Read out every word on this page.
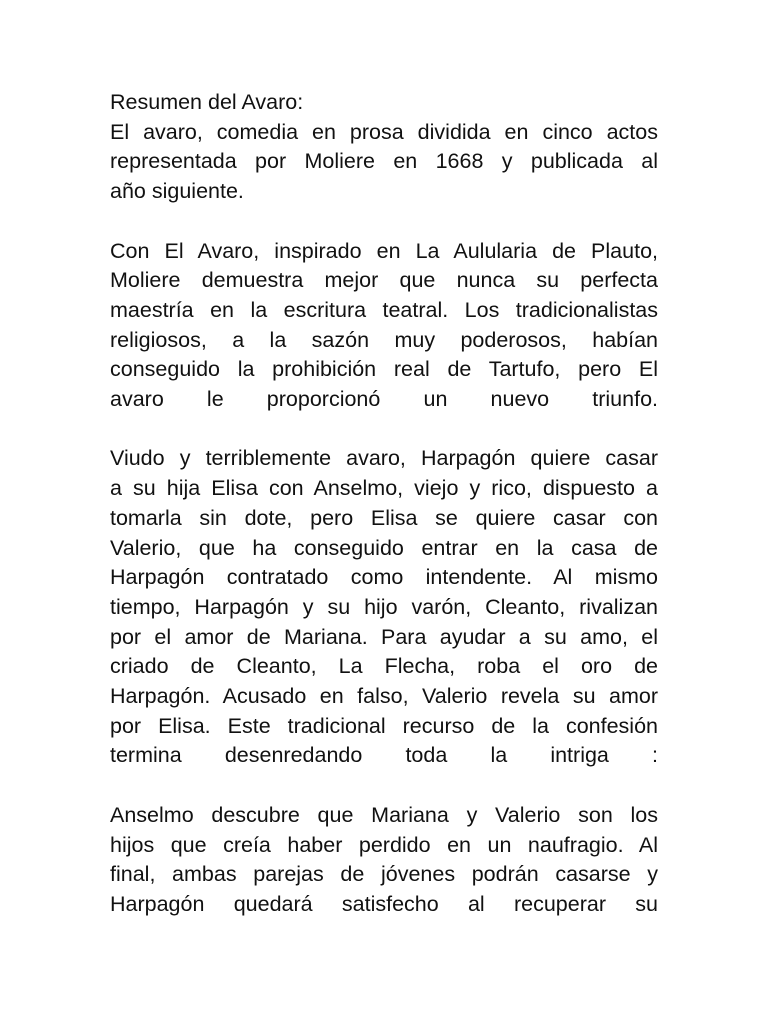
Resumen del Avaro:
El avaro, comedia en prosa dividida en cinco actos
representada por Moliere en 1668 y publicada al
año siguiente.
Con El Avaro, inspirado en La Aulularia de Plauto,
Moliere demuestra mejor que nunca su perfecta
maestría en la escritura teatral. Los tradicionalistas
religiosos, a la sazón muy poderosos, habían
conseguido la prohibición real de Tartufo, pero El
avaro le proporcionó un nuevo triunfo.
Viudo y terriblemente avaro, Harpagón quiere casar
a su hija Elisa con Anselmo, viejo y rico, dispuesto a
tomarla sin dote, pero Elisa se quiere casar con
Valerio, que ha conseguido entrar en la casa de
Harpagón contratado como intendente. Al mismo
tiempo, Harpagón y su hijo varón, Cleanto, rivalizan
por el amor de Mariana. Para ayudar a su amo, el
criado de Cleanto, La Flecha, roba el oro de
Harpagón. Acusado en falso, Valerio revela su amor
por Elisa. Este tradicional recurso de la confesión
termina desenredando toda la intriga :
Anselmo descubre que Mariana y Valerio son los
hijos que creía haber perdido en un naufragio. Al
final, ambas parejas de jóvenes podrán casarse y
Harpagón quedará satisfecho al recuperar su
